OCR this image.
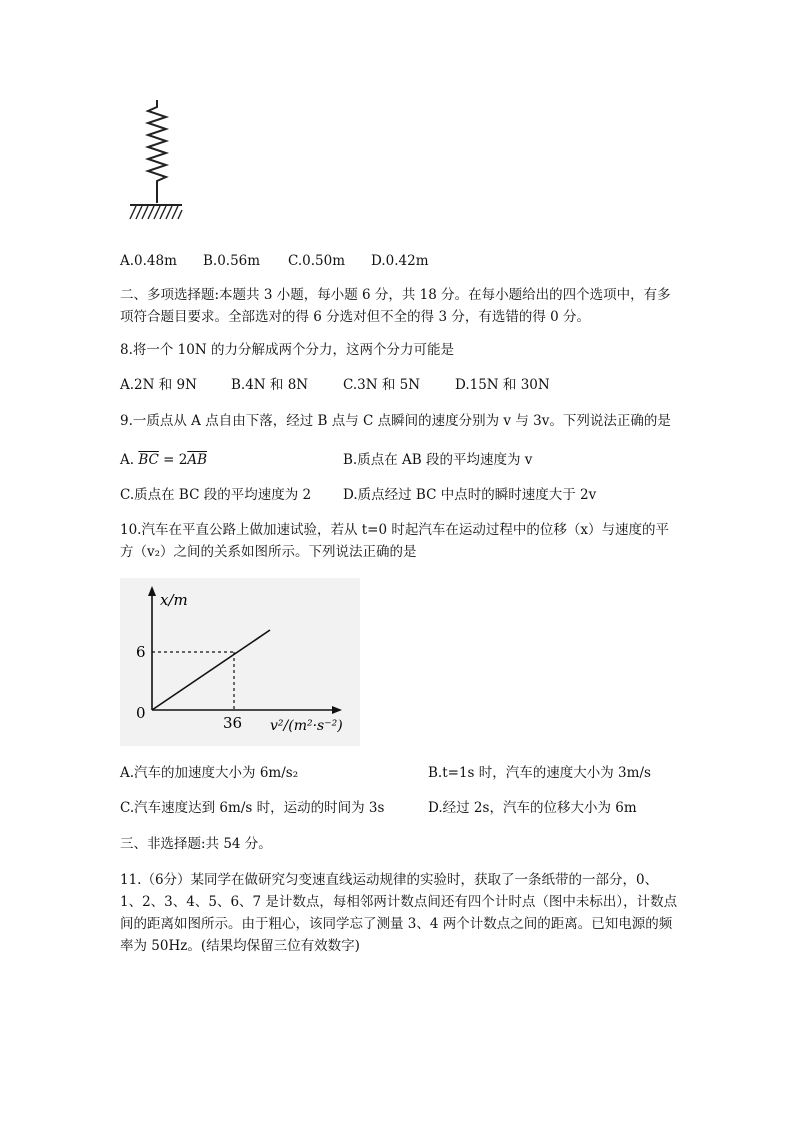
A.0.48m B.0.56m C.0.50m D.0.42m
二、多项选择题:本题共 3 小题，每小题 6 分，共 18 分。在每小题给出的四个选项中，有多项符合题目要求。全部选对的得 6 分选对但不全的得 3 分，有选错的得 0 分。
8.将一个 10N 的力分解成两个分力，这两个分力可能是
A.2N 和 9N	B.4N 和 8N	C.3N 和 5N	D.15N 和 30N
9.一质点从 A 点自由下落，经过 B 点与 C 点瞬间的速度分别为 v 与 3v。下列说法正确的是
A. $\overline{BC} = 2\overline{AB}$	B.质点在 AB 段的平均速度为 v
C.质点在 BC 段的平均速度为 2 D.质点经过 BC 中点时的瞬时速度大于 2v
10.汽车在平直公路上做加速试验，若从 t=0 时起汽车在运动过程中的位移（x）与速度的平方（v₂）之间的关系如图所示。下列说法正确的是
x/m
6
0
36 v²/(m²·s⁻²)
A.汽车的加速度大小为 6m/s₂	B.t=1s 时，汽车的速度大小为 3m/s
C.汽车速度达到 6m/s 时，运动的时间为 3s	D.经过 2s，汽车的位移大小为 6m
三、非选择题:共 54 分。
11.（6分）某同学在做研究匀变速直线运动规律的实验时，获取了一条纸带的一部分，0、1、2、3、4、5、6、7 是计数点，每相邻两计数点间还有四个计时点（图中未标出），计数点间的距离如图所示。由于粗心，该同学忘了测量 3、4 两个计数点之间的距离。已知电源的频率为 50Hz。(结果均保留三位有效数字)
